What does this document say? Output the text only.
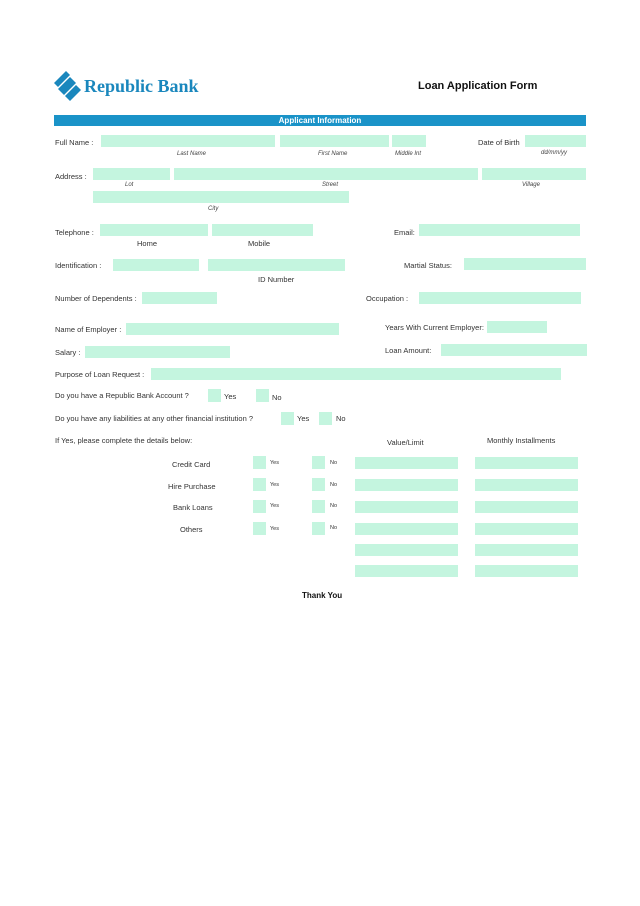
Republic Bank	Loan Application Form
Applicant Information
Full Name :	Date of Birth
Last Name	First Name	Middle Int	dd/mm/yy
Address :
Lot	Street	Village
City
Telephone :
Home	Mobile
Email:
Identification :
ID Number
Martial Status:
Number of Dependents :	Occupation :
Name of Employer :	Years With Current Employer:
Salary :	Loan Amount:
Purpose of Loan Request :
Do you have a Republic Bank Account ?	Yes	No
Do you have any liabilities at any other financial institution ?	Yes	No
If Yes, please complete the details below:	Value/Limit	Monthly Installments
Credit Card	Yes	No
Hire Purchase	Yes	No
Bank Loans	Yes	No
Others	Yes	No
Thank You
